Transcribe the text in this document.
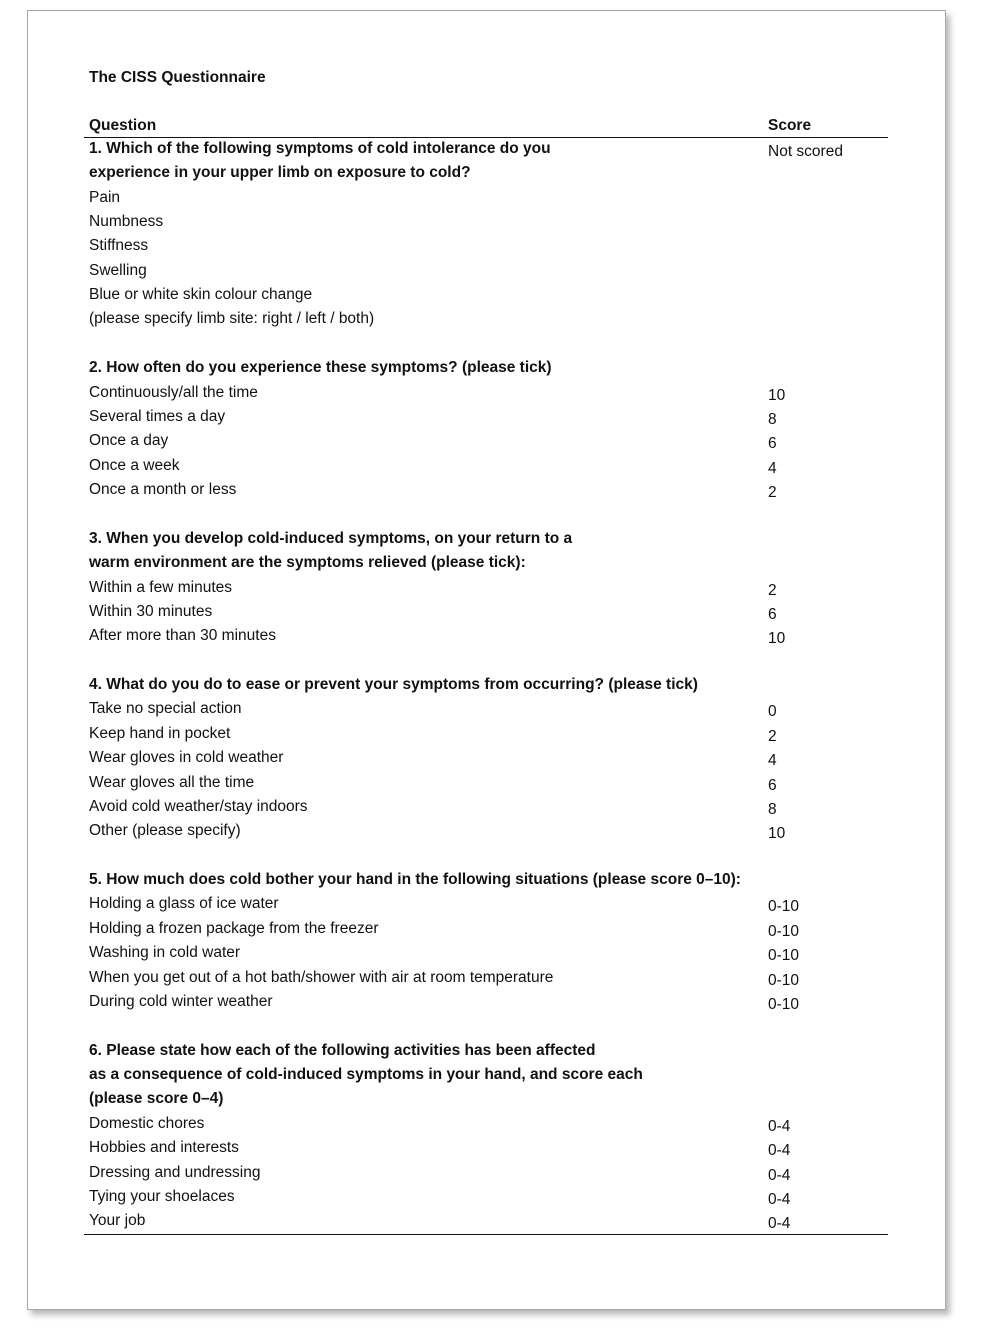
The CISS Questionnaire
Question	Score
1. Which of the following symptoms of cold intolerance do you	Not scored
experience in your upper limb on exposure to cold?
Pain
Numbness
Stiffness
Swelling
Blue or white skin colour change
(please specify limb site: right / left / both)
2. How often do you experience these symptoms? (please tick)
Continuously/all the time	10
Several times a day	8
Once a day	6
Once a week	4
Once a month or less	2
3. When you develop cold-induced symptoms, on your return to a
warm environment are the symptoms relieved (please tick):
Within a few minutes	2
Within 30 minutes	6
After more than 30 minutes	10
4. What do you do to ease or prevent your symptoms from occurring? (please tick)
Take no special action	0
Keep hand in pocket	2
Wear gloves in cold weather	4
Wear gloves all the time	6
Avoid cold weather/stay indoors	8
Other (please specify)	10
5. How much does cold bother your hand in the following situations (please score 0–10):
Holding a glass of ice water	0-10
Holding a frozen package from the freezer	0-10
Washing in cold water	0-10
When you get out of a hot bath/shower with air at room temperature	0-10
During cold winter weather	0-10
6. Please state how each of the following activities has been affected
as a consequence of cold-induced symptoms in your hand, and score each
(please score 0–4)
Domestic chores	0-4
Hobbies and interests	0-4
Dressing and undressing	0-4
Tying your shoelaces	0-4
Your job	0-4
